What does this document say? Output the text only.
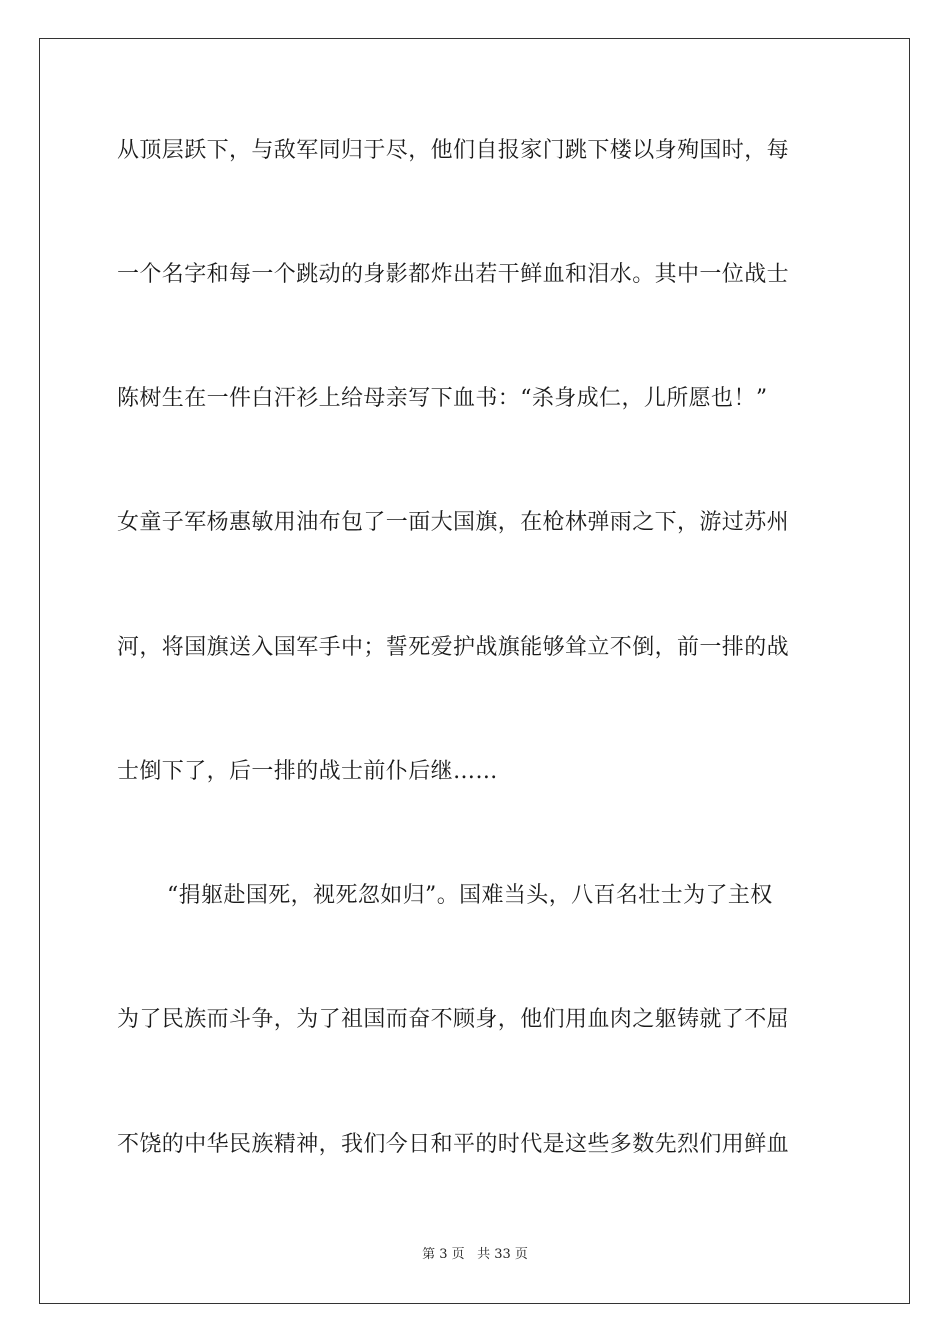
从顶层跃下，与敌军同归于尽，他们自报家门跳下楼以身殉国时，每
一个名字和每一个跳动的身影都炸出若干鲜血和泪水。其中一位战士
陈树生在一件白汗衫上给母亲写下血书：“杀身成仁，儿所愿也！”
女童子军杨惠敏用油布包了一面大国旗，在枪林弹雨之下，游过苏州
河，将国旗送入国军手中；誓死爱护战旗能够耸立不倒，前一排的战
士倒下了，后一排的战士前仆后继……
“捐躯赴国死，视死忽如归”。国难当头，八百名壮士为了主权
为了民族而斗争，为了祖国而奋不顾身，他们用血肉之躯铸就了不屈
不饶的中华民族精神，我们今日和平的时代是这些多数先烈们用鲜血
第 3 页 共 33 页
